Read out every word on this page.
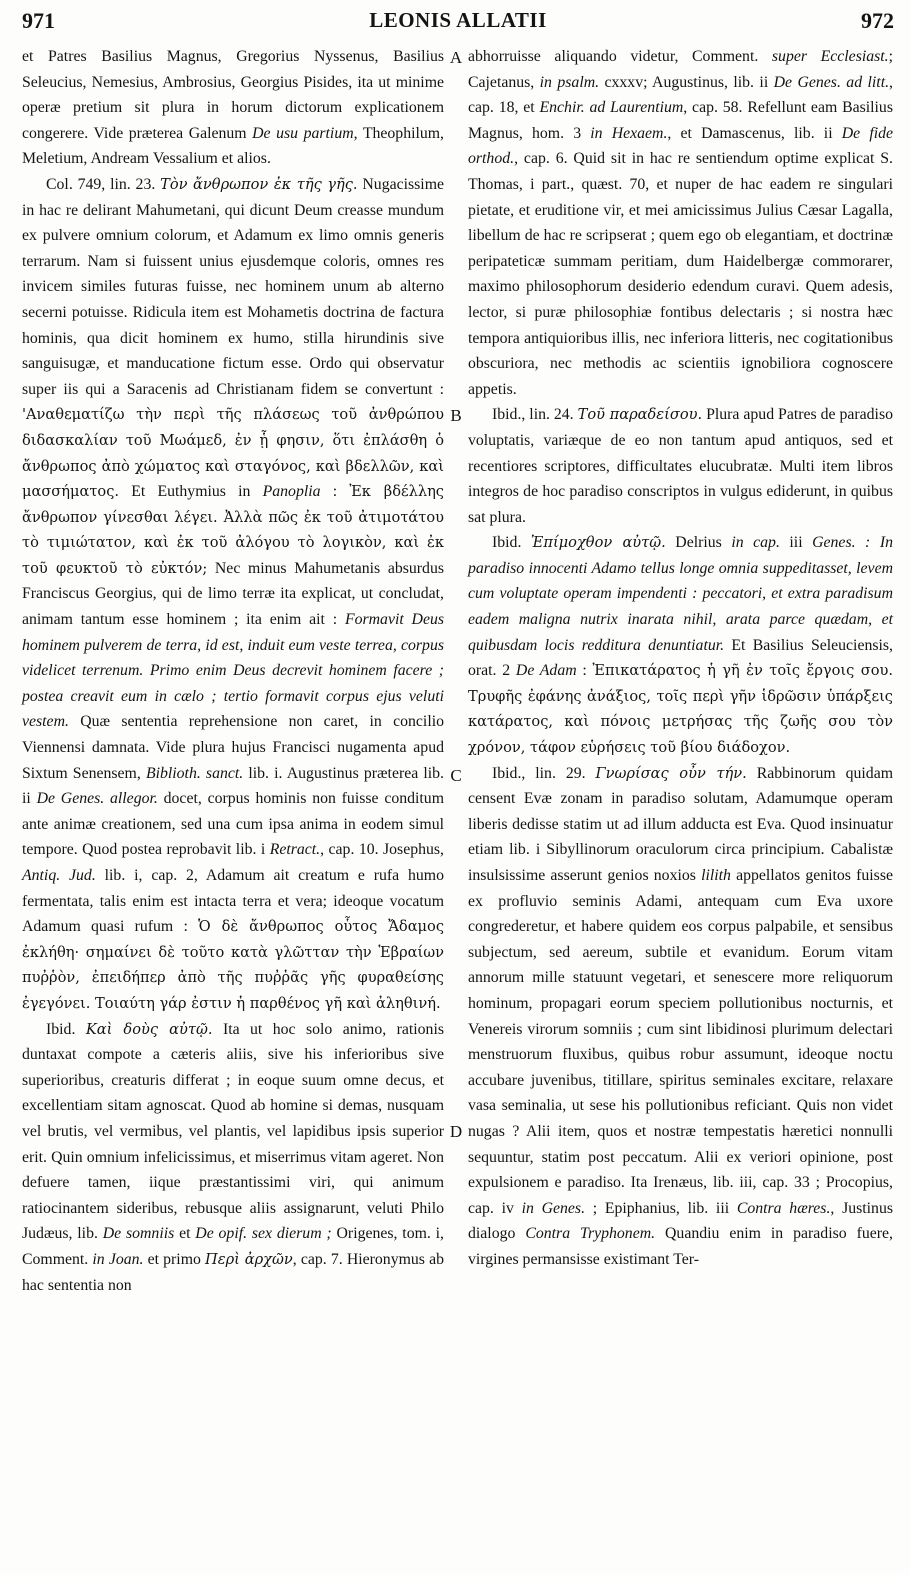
971	LEONIS ALLATII	972
A
B
C
D

et Patres Basilius Magnus, Gregorius Nyssenus, Basilius Seleucius, Nemesius, Ambrosius, Georgius Pisides, ita ut minime operæ pretium sit plura in horum dictorum explicationem congerere. Vide præterea Galenum De usu partium, Theophilum, Meletium, Andream Vessalium et alios.

Col. 749, lin. 23. Τὸν ἄνθρωπον ἐκ τῆς γῆς. Nugacissime in hac re delirant Mahumetani, qui dicunt Deum creasse mundum ex pulvere omnium colorum, et Adamum ex limo omnis generis terrarum. Nam si fuissent unius ejusdemque coloris, omnes res invicem similes futuras fuisse, nec hominem unum ab alterno secerni potuisse. Ridicula item est Mohametis doctrina de factura hominis, qua dicit hominem ex humo, stilla hirundinis sive sanguisugæ, et manducatione fictum esse. Ordo qui observatur super iis qui a Saracenis ad Christianam fidem se convertunt : 'Αναθεματίζω τὴν περὶ τῆς πλάσεως τοῦ ἀνθρώπου διδασκαλίαν τοῦ Μωάμεδ, ἐν ᾗ φησιν, ὅτι ἐπλάσθη ὁ ἄνθρωπος ἀπὸ χώματος καὶ σταγόνος, καὶ βδελλῶν, καὶ μασσήματος. Et Euthymius in Panoplia : Ἐκ βδέλλης ἄνθρωπον γίνεσθαι λέγει. Ἀλλὰ πῶς ἐκ τοῦ ἀτιμοτάτου τὸ τιμιώτατον, καὶ ἐκ τοῦ ἀλόγου τὸ λογικὸν, καὶ ἐκ τοῦ φευκτοῦ τὸ εὐκτόν; Nec minus Mahumetanis absurdus Franciscus Georgius, qui de limo terræ ita explicat, ut concludat, animam tantum esse hominem ; ita enim ait : Formavit Deus hominem pulverem de terra, id est, induit eum veste terrea, corpus videlicet terrenum. Primo enim Deus decrevit hominem facere ; postea creavit eum in cælo ; tertio formavit corpus ejus veluti vestem. Quæ sententia reprehensione non caret, in concilio Viennensi damnata. Vide plura hujus Francisci nugamenta apud Sixtum Senensem, Biblioth. sanct. lib. i. Augustinus præterea lib. ii De Genes. allegor. docet, corpus hominis non fuisse conditum ante animæ creationem, sed una cum ipsa anima in eodem simul tempore. Quod postea reprobavit lib. i Retract., cap. 10. Josephus, Antiq. Jud. lib. i, cap. 2, Adamum ait creatum e rufa humo fermentata, talis enim est intacta terra et vera; ideoque vocatum Adamum quasi rufum : Ὁ δὲ ἄνθρωπος οὗτος Ἄδαμος ἐκλήθη· σημαίνει δὲ τοῦτο κατὰ γλῶτταν τὴν Ἑβραίων πυῤῥὸν, ἐπειδήπερ ἀπὸ τῆς πυῤῥᾶς γῆς φυραθείσης ἐγεγόνει. Τοιαύτη γάρ ἐστιν ἡ παρθένος γῆ καὶ ἀληθινή.

Ibid. Καὶ δοὺς αὐτῷ. Ita ut hoc solo animo, rationis duntaxat compote a cæteris aliis, sive his inferioribus sive superioribus, creaturis differat ; in eoque suum omne decus, et excellentiam sitam agnoscat. Quod ab homine si demas, nusquam vel brutis, vel vermibus, vel plantis, vel lapidibus ipsis superior erit. Quin omnium infelicissimus, et miserrimus vitam ageret. Non defuere tamen, iique præstantissimi viri, qui animum ratiocinantem sideribus, rebusque aliis assignarunt, veluti Philo Judæus, lib. De somniis et De opif. sex dierum ; Origenes, tom. i, Comment. in Joan. et primo Περὶ ἀρχῶν, cap. 7. Hieronymus ab hac sententia non

abhorruisse aliquando videtur, Comment. super Ecclesiast.; Cajetanus, in psalm. cxxxv; Augustinus, lib. ii De Genes. ad litt., cap. 18, et Enchir. ad Laurentium, cap. 58. Refellunt eam Basilius Magnus, hom. 3 in Hexaem., et Damascenus, lib. ii De fide orthod., cap. 6. Quid sit in hac re sentiendum optime explicat S. Thomas, i part., quæst. 70, et nuper de hac eadem re singulari pietate, et eruditione vir, et mei amicissimus Julius Cæsar Lagalla, libellum de hac re scripserat ; quem ego ob elegantiam, et doctrinæ peripateticæ summam peritiam, dum Haidelbergæ commorarer, maximo philosophorum desiderio edendum curavi. Quem adesis, lector, si puræ philosophiæ fontibus delectaris ; si nostra hæc tempora antiquioribus illis, nec inferiora litteris, nec cogitationibus obscuriora, nec methodis ac scientiis ignobiliora cognoscere appetis.

Ibid., lin. 24. Τοῦ παραδείσου. Plura apud Patres de paradiso voluptatis, variæque de eo non tantum apud antiquos, sed et recentiores scriptores, difficultates elucubratæ. Multi item libros integros de hoc paradiso conscriptos in vulgus ediderunt, in quibus sat plura.

Ibid. Ἐπίμοχθον αὐτῷ. Delrius in cap. iii Genes. : In paradiso innocenti Adamo tellus longe omnia suppeditasset, levem cum voluptate operam impendenti : peccatori, et extra paradisum eadem maligna nutrix inarata nihil, arata parce quædam, et quibusdam locis redditura denuntiatur. Et Basilius Seleuciensis, orat. 2 De Adam : Ἐπικατάρατος ἡ γῆ ἐν τοῖς ἔργοις σου. Τρυφῆς ἐφάνης ἀνάξιος, τοῖς περὶ γῆν ἱδρῶσιν ὑπάρξεις κατάρατος, καὶ πόνοις μετρήσας τῆς ζωῆς σου τὸν χρόνον, τάφον εὑρήσεις τοῦ βίου διάδοχον.

Ibid., lin. 29. Γνωρίσας οὖν τήν. Rabbinorum quidam censent Evæ zonam in paradiso solutam, Adamumque operam liberis dedisse statim ut ad illum adducta est Eva. Quod insinuatur etiam lib. i Sibyllinorum oraculorum circa principium. Cabalistæ insulsissime asserunt genios noxios lilith appellatos genitos fuisse ex profluvio seminis Adami, antequam cum Eva uxore congrederetur, et habere quidem eos corpus palpabile, et sensibus subjectum, sed aereum, subtile et evanidum. Eorum vitam annorum mille statuunt vegetari, et senescere more reliquorum hominum, propagari eorum speciem pollutionibus nocturnis, et Venereis virorum somniis ; cum sint libidinosi plurimum delectari menstruorum fluxibus, quibus robur assumunt, ideoque noctu accubare juvenibus, titillare, spiritus seminales excitare, relaxare vasa seminalia, ut sese his pollutionibus reficiant. Quis non videt nugas ? Alii item, quos et nostræ tempestatis hæretici nonnulli sequuntur, statim post peccatum. Alii ex veriori opinione, post expulsionem e paradiso. Ita Irenæus, lib. iii, cap. 33 ; Procopius, cap. iv in Genes. ; Epiphanius, lib. iii Contra hæres., Justinus dialogo Contra Tryphonem. Quandiu enim in paradiso fuere, virgines permansisse existimant Ter-
